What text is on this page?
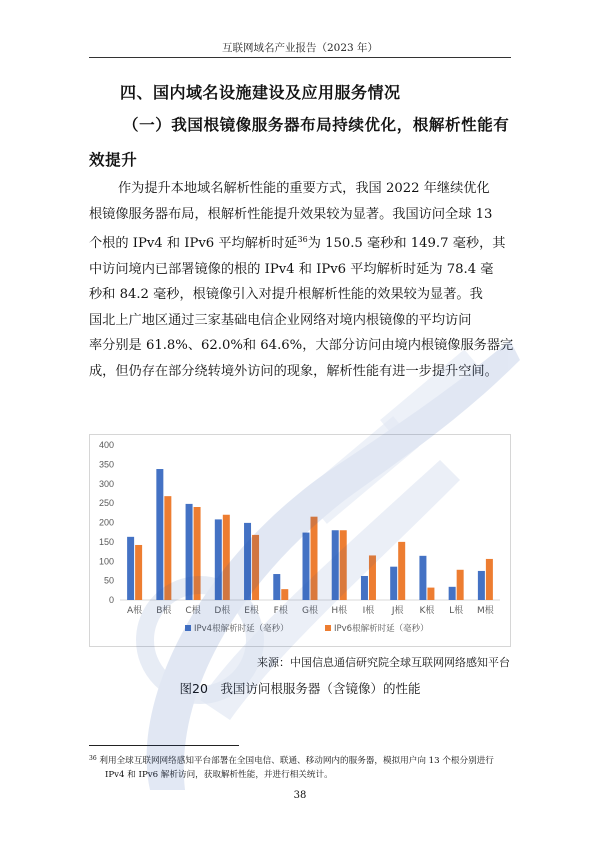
互联网域名产业报告（2023 年）
四、国内域名设施建设及应用服务情况
（一）我国根镜像服务器布局持续优化，根解析性能有
效提升

作为提升本地域名解析性能的重要方式，我国 2022 年继续优化

根镜像服务器布局，根解析性能提升效果较为显著。我国访问全球 13

个根的 IPv4 和 IPv6 平均解析时延$^{36}$为 150.5 毫秒和 149.7 毫秒，其

中访问境内已部署镜像的根的 IPv4 和 IPv6 平均解析时延为 78.4 毫

秒和 84.2 毫秒，根镜像引入对提升根解析性能的效果较为显著。我

国北上广地区通过三家基础电信企业网络对境内根镜像的平均访问

率分别是 61.8%、62.0%和 64.6%，大部分访问由境内根镜像服务器完

成，但仍存在部分绕转境外访问的现象，解析性能有进一步提升空间。

0
50
100
150
200
250
300
350
400
A根 B根 C根 D根 E根 F根 G根 H根 I根 J根 K根 L根 M根
IPv4根解析时延（毫秒）	IPv6根解析时延（毫秒）
来源：中国信息通信研究院全球互联网网络感知平台
图20　我国访问根服务器（含镜像）的性能

$^{36}$ 利用全球互联网网络感知平台部署在全国电信、联通、移动网内的服务器，模拟用户向 13 个根分别进行

IPv4 和 IPv6 解析访问，获取解析性能，并进行相关统计。

38
